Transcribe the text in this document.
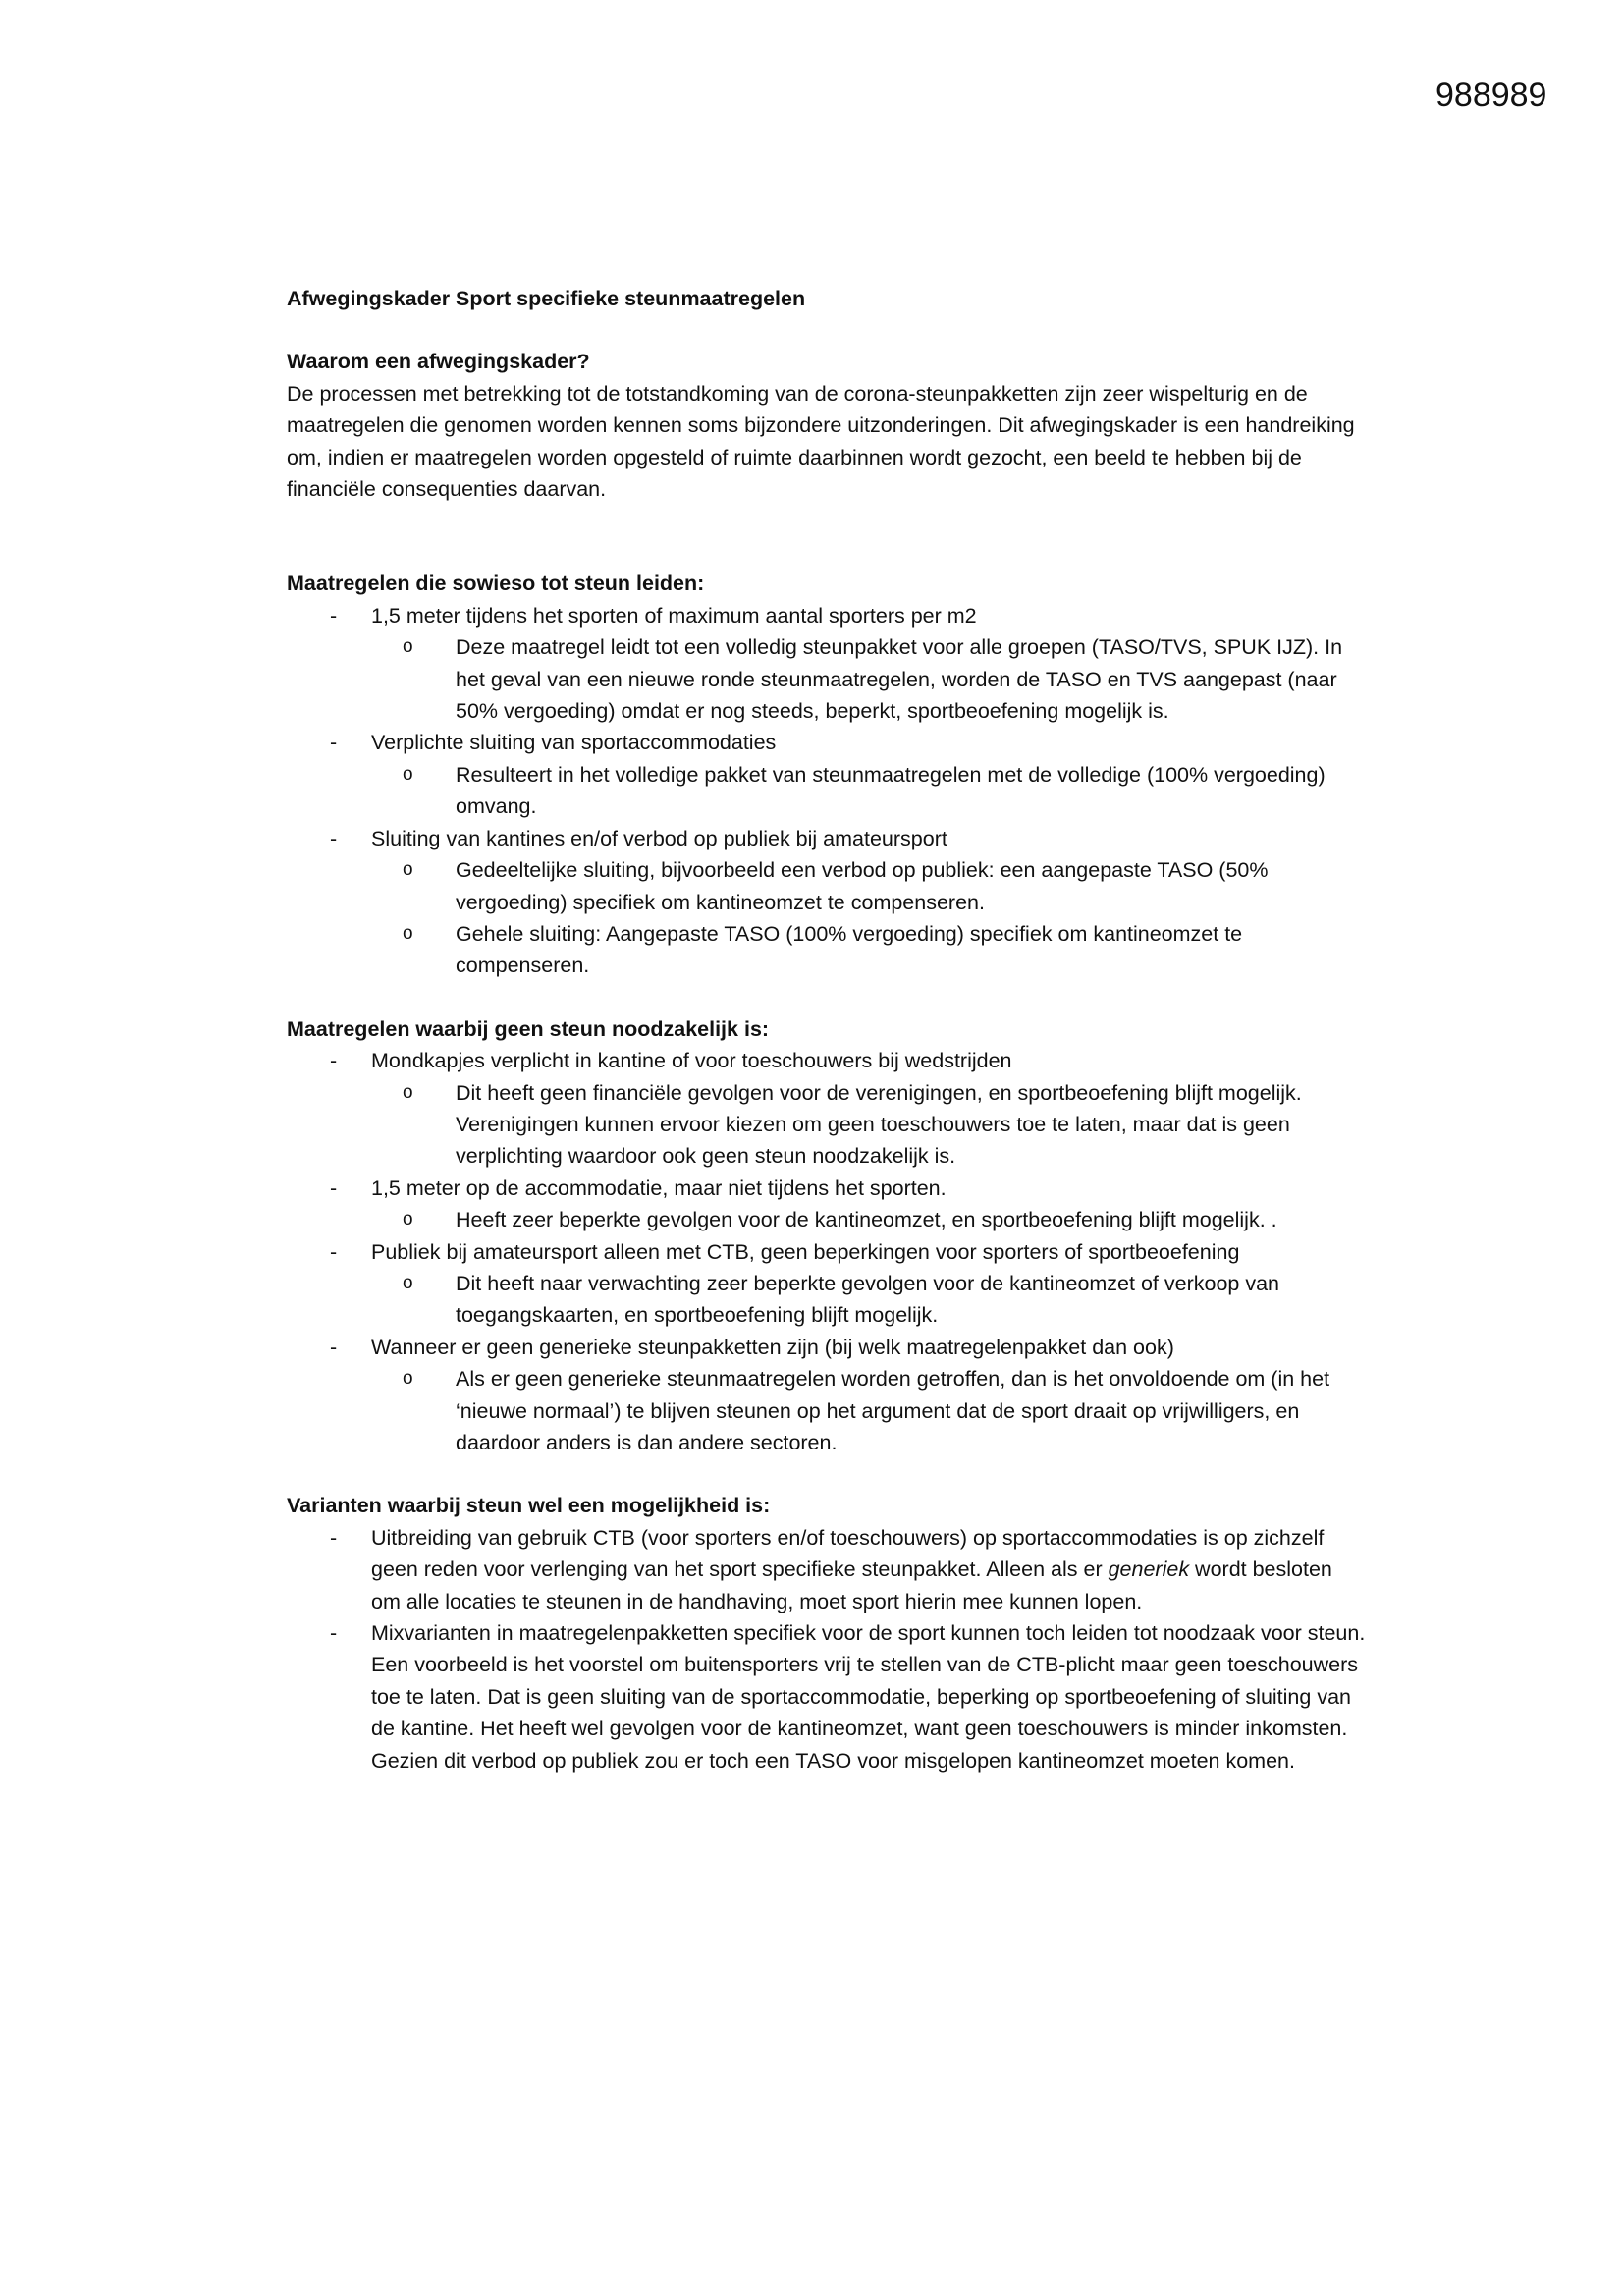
988989

Afwegingskader Sport specifieke steunmaatregelen

Waarom een afwegingskader?

De processen met betrekking tot de totstandkoming van de corona-steunpakketten zijn zeer wispelturig en de maatregelen die genomen worden kennen soms bijzondere uitzonderingen. Dit afwegingskader is een handreiking om, indien er maatregelen worden opgesteld of ruimte daarbinnen wordt gezocht, een beeld te hebben bij de financiële consequenties daarvan.

Maatregelen die sowieso tot steun leiden:

- 1,5 meter tijdens het sporten of maximum aantal sporters per m2
o Deze maatregel leidt tot een volledig steunpakket voor alle groepen (TASO/TVS, SPUK IJZ). In het geval van een nieuwe ronde steunmaatregelen, worden de TASO en TVS aangepast (naar 50% vergoeding) omdat er nog steeds, beperkt, sportbeoefening mogelijk is.
- Verplichte sluiting van sportaccommodaties
o Resulteert in het volledige pakket van steunmaatregelen met de volledige (100% vergoeding) omvang.
- Sluiting van kantines en/of verbod op publiek bij amateursport
o Gedeeltelijke sluiting, bijvoorbeeld een verbod op publiek: een aangepaste TASO (50% vergoeding) specifiek om kantineomzet te compenseren.
o Gehele sluiting: Aangepaste TASO (100% vergoeding) specifiek om kantineomzet te compenseren.

Maatregelen waarbij geen steun noodzakelijk is:

- Mondkapjes verplicht in kantine of voor toeschouwers bij wedstrijden
o Dit heeft geen financiële gevolgen voor de verenigingen, en sportbeoefening blijft mogelijk. Verenigingen kunnen ervoor kiezen om geen toeschouwers toe te laten, maar dat is geen verplichting waardoor ook geen steun noodzakelijk is.
- 1,5 meter op de accommodatie, maar niet tijdens het sporten.
o Heeft zeer beperkte gevolgen voor de kantineomzet, en sportbeoefening blijft mogelijk. .
- Publiek bij amateursport alleen met CTB, geen beperkingen voor sporters of sportbeoefening
o Dit heeft naar verwachting zeer beperkte gevolgen voor de kantineomzet of verkoop van toegangskaarten, en sportbeoefening blijft mogelijk.
- Wanneer er geen generieke steunpakketten zijn (bij welk maatregelenpakket dan ook)
o Als er geen generieke steunmaatregelen worden getroffen, dan is het onvoldoende om (in het ‘nieuwe normaal’) te blijven steunen op het argument dat de sport draait op vrijwilligers, en daardoor anders is dan andere sectoren.

Varianten waarbij steun wel een mogelijkheid is:

- Uitbreiding van gebruik CTB (voor sporters en/of toeschouwers) op sportaccommodaties is op zichzelf geen reden voor verlenging van het sport specifieke steunpakket. Alleen als er generiek wordt besloten om alle locaties te steunen in de handhaving, moet sport hierin mee kunnen lopen.
- Mixvarianten in maatregelenpakketten specifiek voor de sport kunnen toch leiden tot noodzaak voor steun. Een voorbeeld is het voorstel om buitensporters vrij te stellen van de CTB-plicht maar geen toeschouwers toe te laten. Dat is geen sluiting van de sportaccommodatie, beperking op sportbeoefening of sluiting van de kantine. Het heeft wel gevolgen voor de kantineomzet, want geen toeschouwers is minder inkomsten. Gezien dit verbod op publiek zou er toch een TASO voor misgelopen kantineomzet moeten komen.
